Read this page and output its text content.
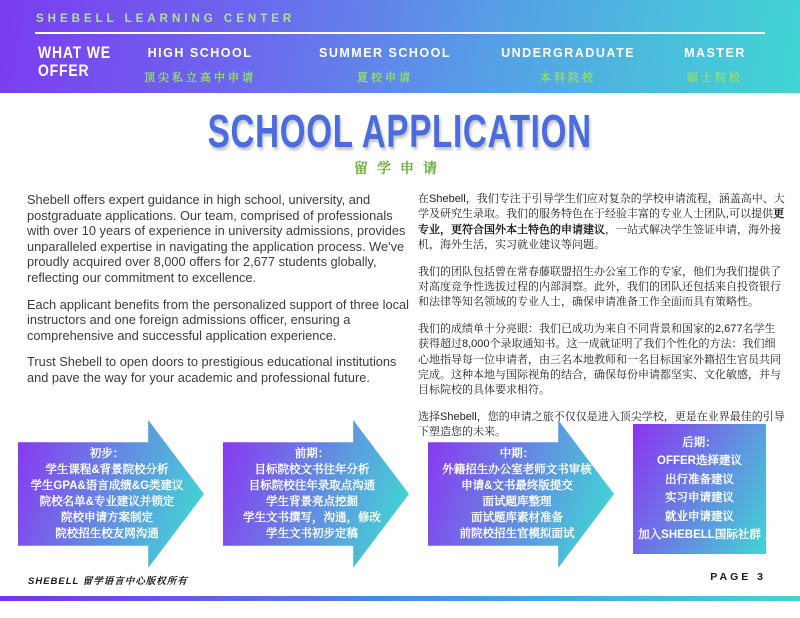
SHEBELL LEARNING CENTER
WHAT WE
OFFER
HIGH SCHOOL
顶尖私立高中申请
SUMMER SCHOOL
夏校申请
UNDERGRADUATE
本科院校
MASTER
硕士院校
SCHOOL APPLICATION
留学申请

Shebell offers expert guidance in high school, university, and postgraduate applications. Our team, comprised of professionals with over 10 years of experience in university admissions, provides unparalleled expertise in navigating the application process. We've proudly acquired over 8,000 offers for 2,677 students globally, reflecting our commitment to excellence.

Each applicant benefits from the personalized support of three local instructors and one foreign admissions officer, ensuring a comprehensive and successful application experience.

Trust Shebell to open doors to prestigious educational institutions and pave the way for your academic and professional future.

在Shebell，我们专注于引导学生们应对复杂的学校申请流程，涵盖高中、大学及研究生录取。我们的服务特色在于经验丰富的专业人士团队,可以提供更专业，更符合国外本土特色的申请建议，一站式解决学生签证申请，海外接机，海外生活，实习就业建议等问题。

我们的团队包括曾在常春藤联盟招生办公室工作的专家，他们为我们提供了对高度竞争性选拔过程的内部洞察。此外，我们的团队还包括来自投资银行和法律等知名领域的专业人士，确保申请准备工作全面而具有策略性。

我们的成绩单十分亮眼：我们已成功为来自不同背景和国家的2,677名学生获得超过8,000个录取通知书。这一成就证明了我们个性化的方法：我们细心地指导每一位申请者，由三名本地教师和一名目标国家外籍招生官员共同完成。这种本地与国际视角的结合，确保每份申请都坚实、文化敏感，并与目标院校的具体要求相符。

选择Shebell，您的申请之旅不仅仅是进入顶尖学校，更是在业界最佳的引导下塑造您的未来。

初步：
学生课程&背景院校分析
学生GPA&语言成绩&G类建议
院校名单&专业建议并锁定
院校申请方案制定
院校招生校友网沟通
前期：
目标院校文书往年分析
目标院校往年录取点沟通
学生背景亮点挖掘
学生文书撰写，沟通，修改
学生文书初步定稿
中期：
外籍招生办公室老师文书审核
申请&文书最终版提交
面试题库整理
面试题库素材准备
前院校招生官模拟面试
后期：
OFFER选择建议
出行准备建议
实习申请建议
就业申请建议
加入SHEBELL国际社群
SHEBELL 留学语言中心版权所有	PAGE 3
